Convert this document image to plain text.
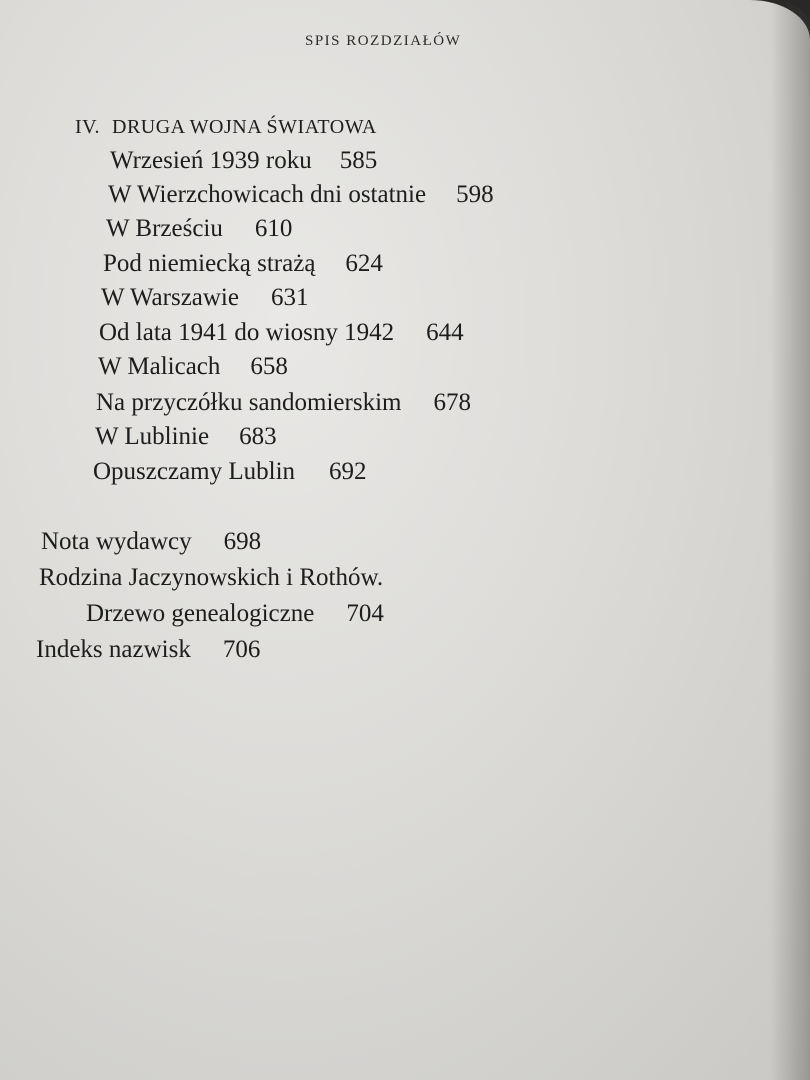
SPIS ROZDZIAŁÓW
IV. DRUGA WOJNA ŚWIATOWA
Wrzesień 1939 roku 585
W Wierzchowicach dni ostatnie 598
W Brześciu 610
Pod niemiecką strażą 624
W Warszawie 631
Od lata 1941 do wiosny 1942 644
W Malicach 658
Na przyczółku sandomierskim 678
W Lublinie 683
Opuszczamy Lublin 692
Nota wydawcy 698
Rodzina Jaczynowskich i Rothów.
Drzewo genealogiczne 704
Indeks nazwisk 706
